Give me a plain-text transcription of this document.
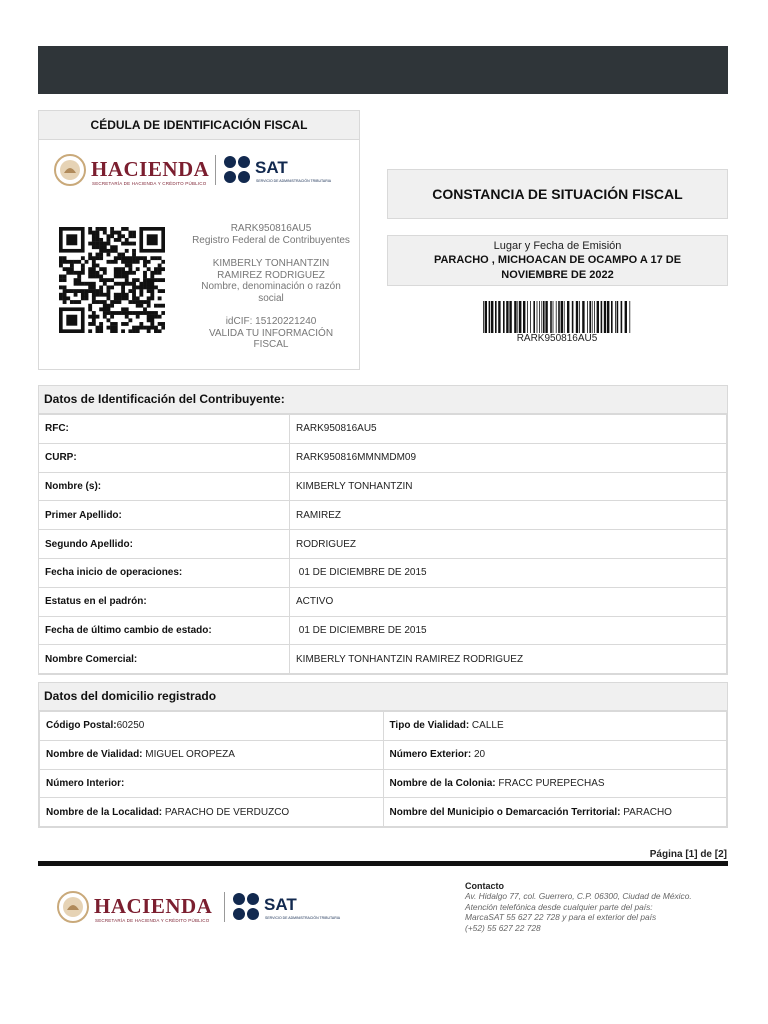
CÉDULA DE IDENTIFICACIÓN FISCAL
HACIENDA
SECRETARÍA DE HACIENDA Y CRÉDITO PÚBLICO
SAT
SERVICIO DE ADMINISTRACIÓN TRIBUTARIA
RARK950816AU5
Registro Federal de Contribuyentes
KIMBERLY TONHANTZIN
RAMIREZ RODRIGUEZ
Nombre, denominación o razón social
idCIF: 15120221240
VALIDA TU INFORMACIÓN FISCAL
CONSTANCIA DE SITUACIÓN FISCAL
Lugar y Fecha de Emisión
PARACHO , MICHOACAN DE OCAMPO A 17 DE NOVIEMBRE DE 2022
RARK950816AU5
Datos de Identificación del Contribuyente:
RFC:	RARK950816AU5
CURP:	RARK950816MMNMDM09
Nombre (s):	KIMBERLY TONHANTZIN
Primer Apellido:	RAMIREZ
Segundo Apellido:	RODRIGUEZ
Fecha inicio de operaciones:	01 DE DICIEMBRE DE 2015
Estatus en el padrón:	ACTIVO
Fecha de último cambio de estado:	01 DE DICIEMBRE DE 2015
Nombre Comercial:	KIMBERLY TONHANTZIN RAMIREZ RODRIGUEZ
Datos del domicilio registrado
Código Postal:60250	Tipo de Vialidad: CALLE
Nombre de Vialidad: MIGUEL OROPEZA	Número Exterior: 20
Número Interior:	Nombre de la Colonia: FRACC PUREPECHAS
Nombre de la Localidad: PARACHO DE VERDUZCO	Nombre del Municipio o Demarcación Territorial: PARACHO
Página [1] de [2]
HACIENDA
SECRETARÍA DE HACIENDA Y CRÉDITO PÚBLICO
SAT
SERVICIO DE ADMINISTRACIÓN TRIBUTARIA
Contacto
Av. Hidalgo 77, col. Guerrero, C.P. 06300, Ciudad de México.
Atención telefónica desde cualquier parte del país:
MarcaSAT 55 627 22 728 y para el exterior del país
(+52) 55 627 22 728
